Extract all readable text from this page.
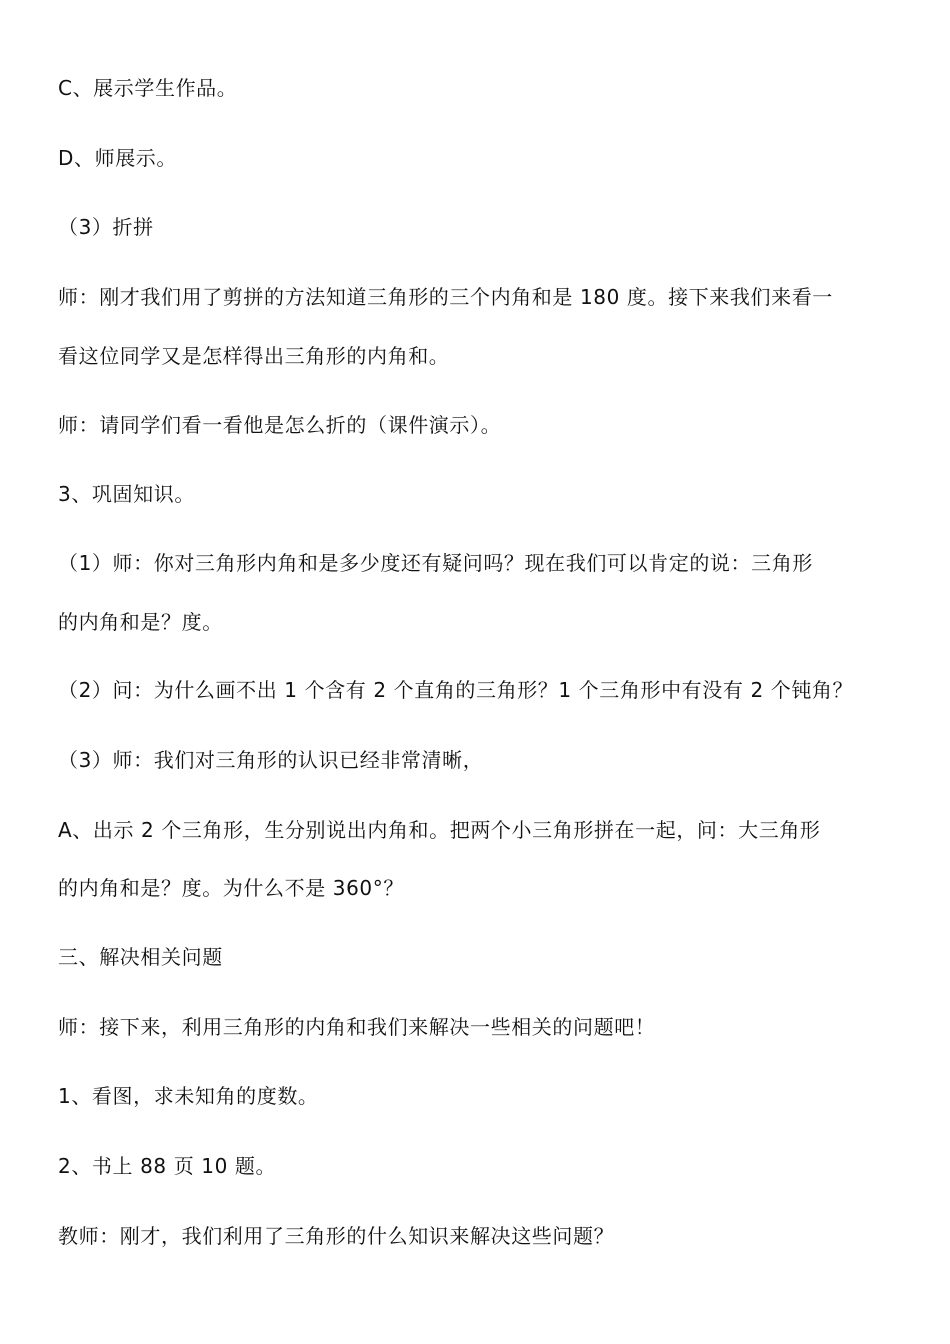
C、展示学生作品。
D、师展示。
（3）折拼
师：刚才我们用了剪拼的方法知道三角形的三个内角和是 180 度。接下来我们来看一
看这位同学又是怎样得出三角形的内角和。
师：请同学们看一看他是怎么折的（课件演示）。
3、巩固知识。
（1）师：你对三角形内角和是多少度还有疑问吗？现在我们可以肯定的说：三角形
的内角和是？度。
（2）问：为什么画不出 1 个含有 2 个直角的三角形？1 个三角形中有没有 2 个钝角？
（3）师：我们对三角形的认识已经非常清晰，
A、出示 2 个三角形，生分别说出内角和。把两个小三角形拼在一起，问：大三角形
的内角和是？度。为什么不是 360°？
三、解决相关问题
师：接下来，利用三角形的内角和我们来解决一些相关的问题吧！
1、看图，求未知角的度数。
2、书上 88 页 10 题。
教师：刚才，我们利用了三角形的什么知识来解决这些问题？
